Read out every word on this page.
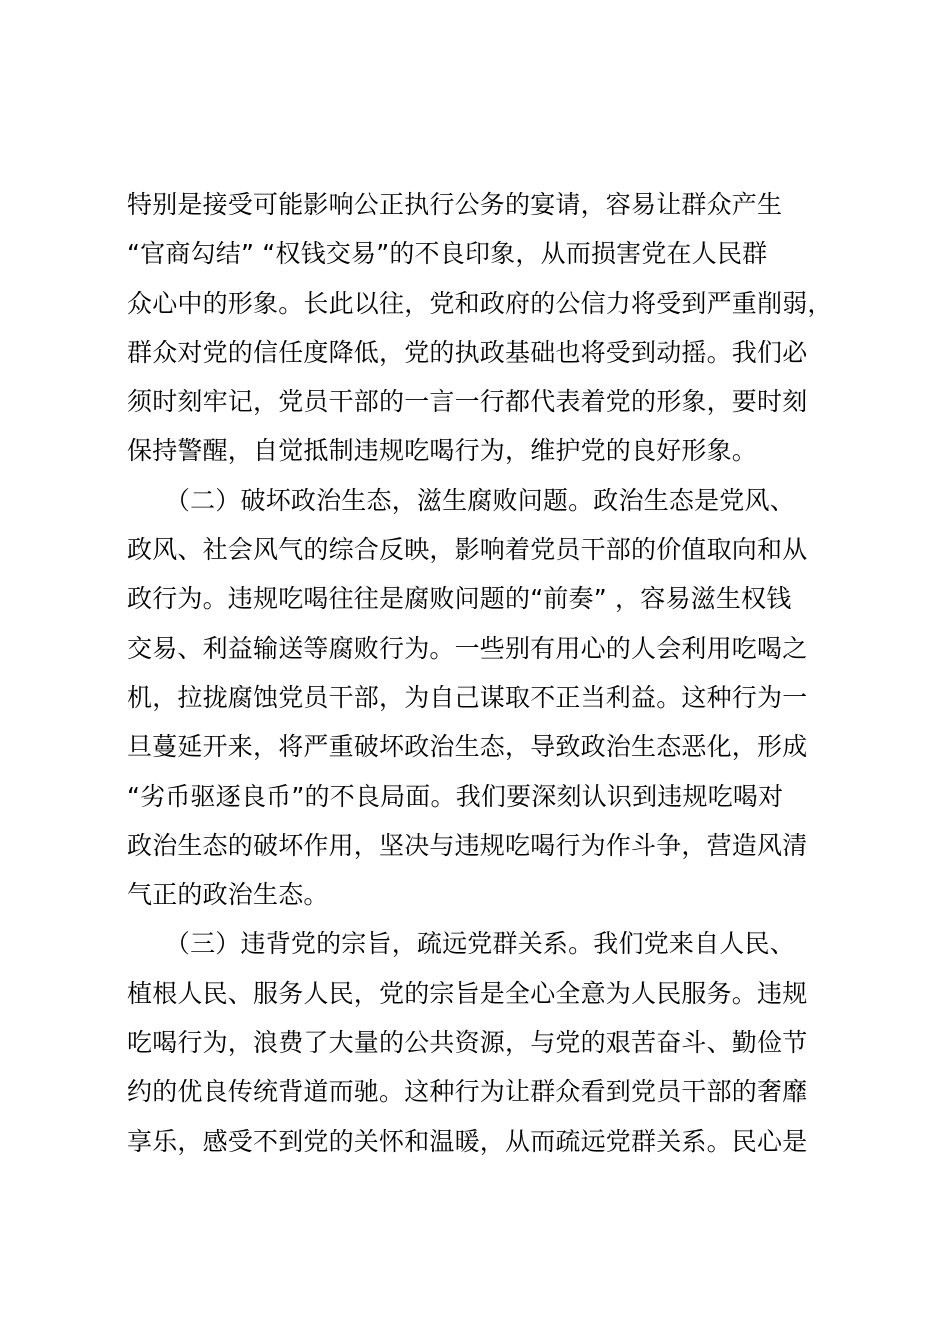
特别是接受可能影响公正执行公务的宴请，容易让群众产生
“官商勾结” “权钱交易”的不良印象，从而损害党在人民群
众心中的形象。长此以往，党和政府的公信力将受到严重削弱，
群众对党的信任度降低，党的执政基础也将受到动摇。我们必
须时刻牢记，党员干部的一言一行都代表着党的形象，要时刻
保持警醒，自觉抵制违规吃喝行为，维护党的良好形象。
　　（二）破坏政治生态，滋生腐败问题。政治生态是党风、
政风、社会风气的综合反映，影响着党员干部的价值取向和从
政行为。违规吃喝往往是腐败问题的“前奏” ，容易滋生权钱
交易、利益输送等腐败行为。一些别有用心的人会利用吃喝之
机，拉拢腐蚀党员干部，为自己谋取不正当利益。这种行为一
旦蔓延开来，将严重破坏政治生态，导致政治生态恶化，形成
“劣币驱逐良币”的不良局面。我们要深刻认识到违规吃喝对
政治生态的破坏作用，坚决与违规吃喝行为作斗争，营造风清
气正的政治生态。
　　（三）违背党的宗旨，疏远党群关系。我们党来自人民、
植根人民、服务人民，党的宗旨是全心全意为人民服务。违规
吃喝行为，浪费了大量的公共资源，与党的艰苦奋斗、勤俭节
约的优良传统背道而驰。这种行为让群众看到党员干部的奢靡
享乐，感受不到党的关怀和温暖，从而疏远党群关系。民心是
